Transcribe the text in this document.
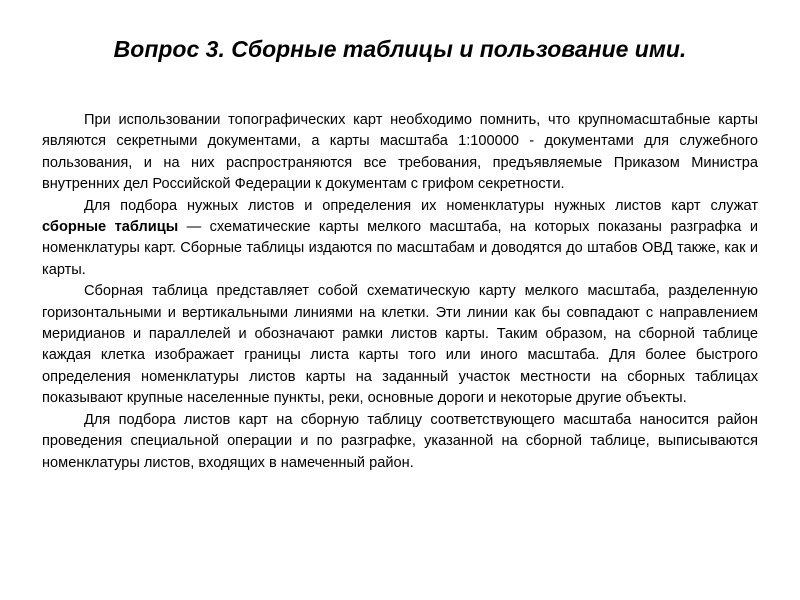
Вопрос 3. Сборные таблицы и пользование ими.

При использовании топографических карт необходимо помнить, что крупномасштабные карты являются секретными документами, а карты масштаба 1:100000 - документами для служебного пользования, и на них распространяются все требования, предъявляемые Приказом Министра внутренних дел Российской Федерации к документам с грифом секретности.

Для подбора нужных листов и определения их номенклатуры нужных листов карт служат сборные таблицы — схематические карты мелкого масштаба, на которых показаны разграфка и номенклатуры карт. Сборные таблицы издаются по масштабам и доводятся до штабов ОВД также, как и карты.

Сборная таблица представляет собой схематическую карту мелкого масштаба, разделенную горизонтальными и вертикальными линиями на клетки. Эти линии как бы совпадают с направлением меридианов и параллелей и обозначают рамки листов карты. Таким образом, на сборной таблице каждая клетка изображает границы листа карты того или иного масштаба. Для более быстрого определения номенклатуры листов карты на заданный участок местности на сборных таблицах показывают крупные населенные пункты, реки, основные дороги и некоторые другие объекты.

Для подбора листов карт на сборную таблицу соответствующего масштаба наносится район проведения специальной операции и по разграфке, указанной на сборной таблице, выписываются номенклатуры листов, входящих в намеченный район.
